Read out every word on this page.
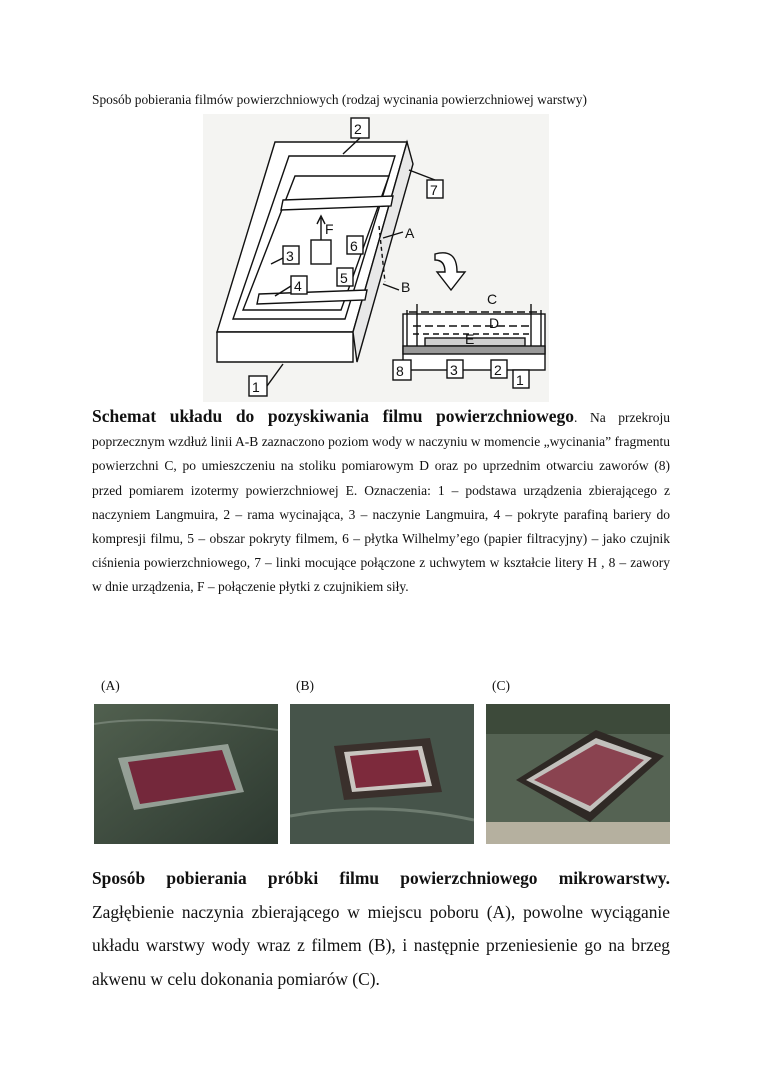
Sposób pobierania filmów powierzchniowych (rodzaj wycinania powierzchniowej warstwy)
2
3
4	5
6
7
A
B
C
D
E
F
1
8	3	2
1

Schemat układu do pozyskiwania filmu powierzchniowego. Na przekroju poprzecznym wzdłuż linii A-B zaznaczono poziom wody w naczyniu w momencie „wycinania” fragmentu powierzchni C, po umieszczeniu na stoliku pomiarowym D oraz po uprzednim otwarciu zaworów (8) przed pomiarem izotermy powierzchniowej E. Oznaczenia: 1 – podstawa urządzenia zbierającego z naczyniem Langmuira, 2 – rama wycinająca, 3 – naczynie Langmuira, 4 – pokryte parafiną bariery do kompresji filmu, 5 – obszar pokryty filmem, 6 – płytka Wilhelmy’ego (papier filtracyjny) – jako czujnik ciśnienia powierzchniowego, 7 – linki mocujące połączone z uchwytem w kształcie litery H , 8 – zawory w dnie urządzenia, F – połączenie płytki z czujnikiem siły.

(A)	(B)	(C)
Sposób pobierania próbki filmu powierzchniowego mikrowarstwy.
Zagłębienie naczynia zbierającego w miejscu poboru (A), powolne wyciąganie układu warstwy wody wraz z filmem (B), i następnie przeniesienie go na brzeg akwenu w celu dokonania pomiarów (C).
